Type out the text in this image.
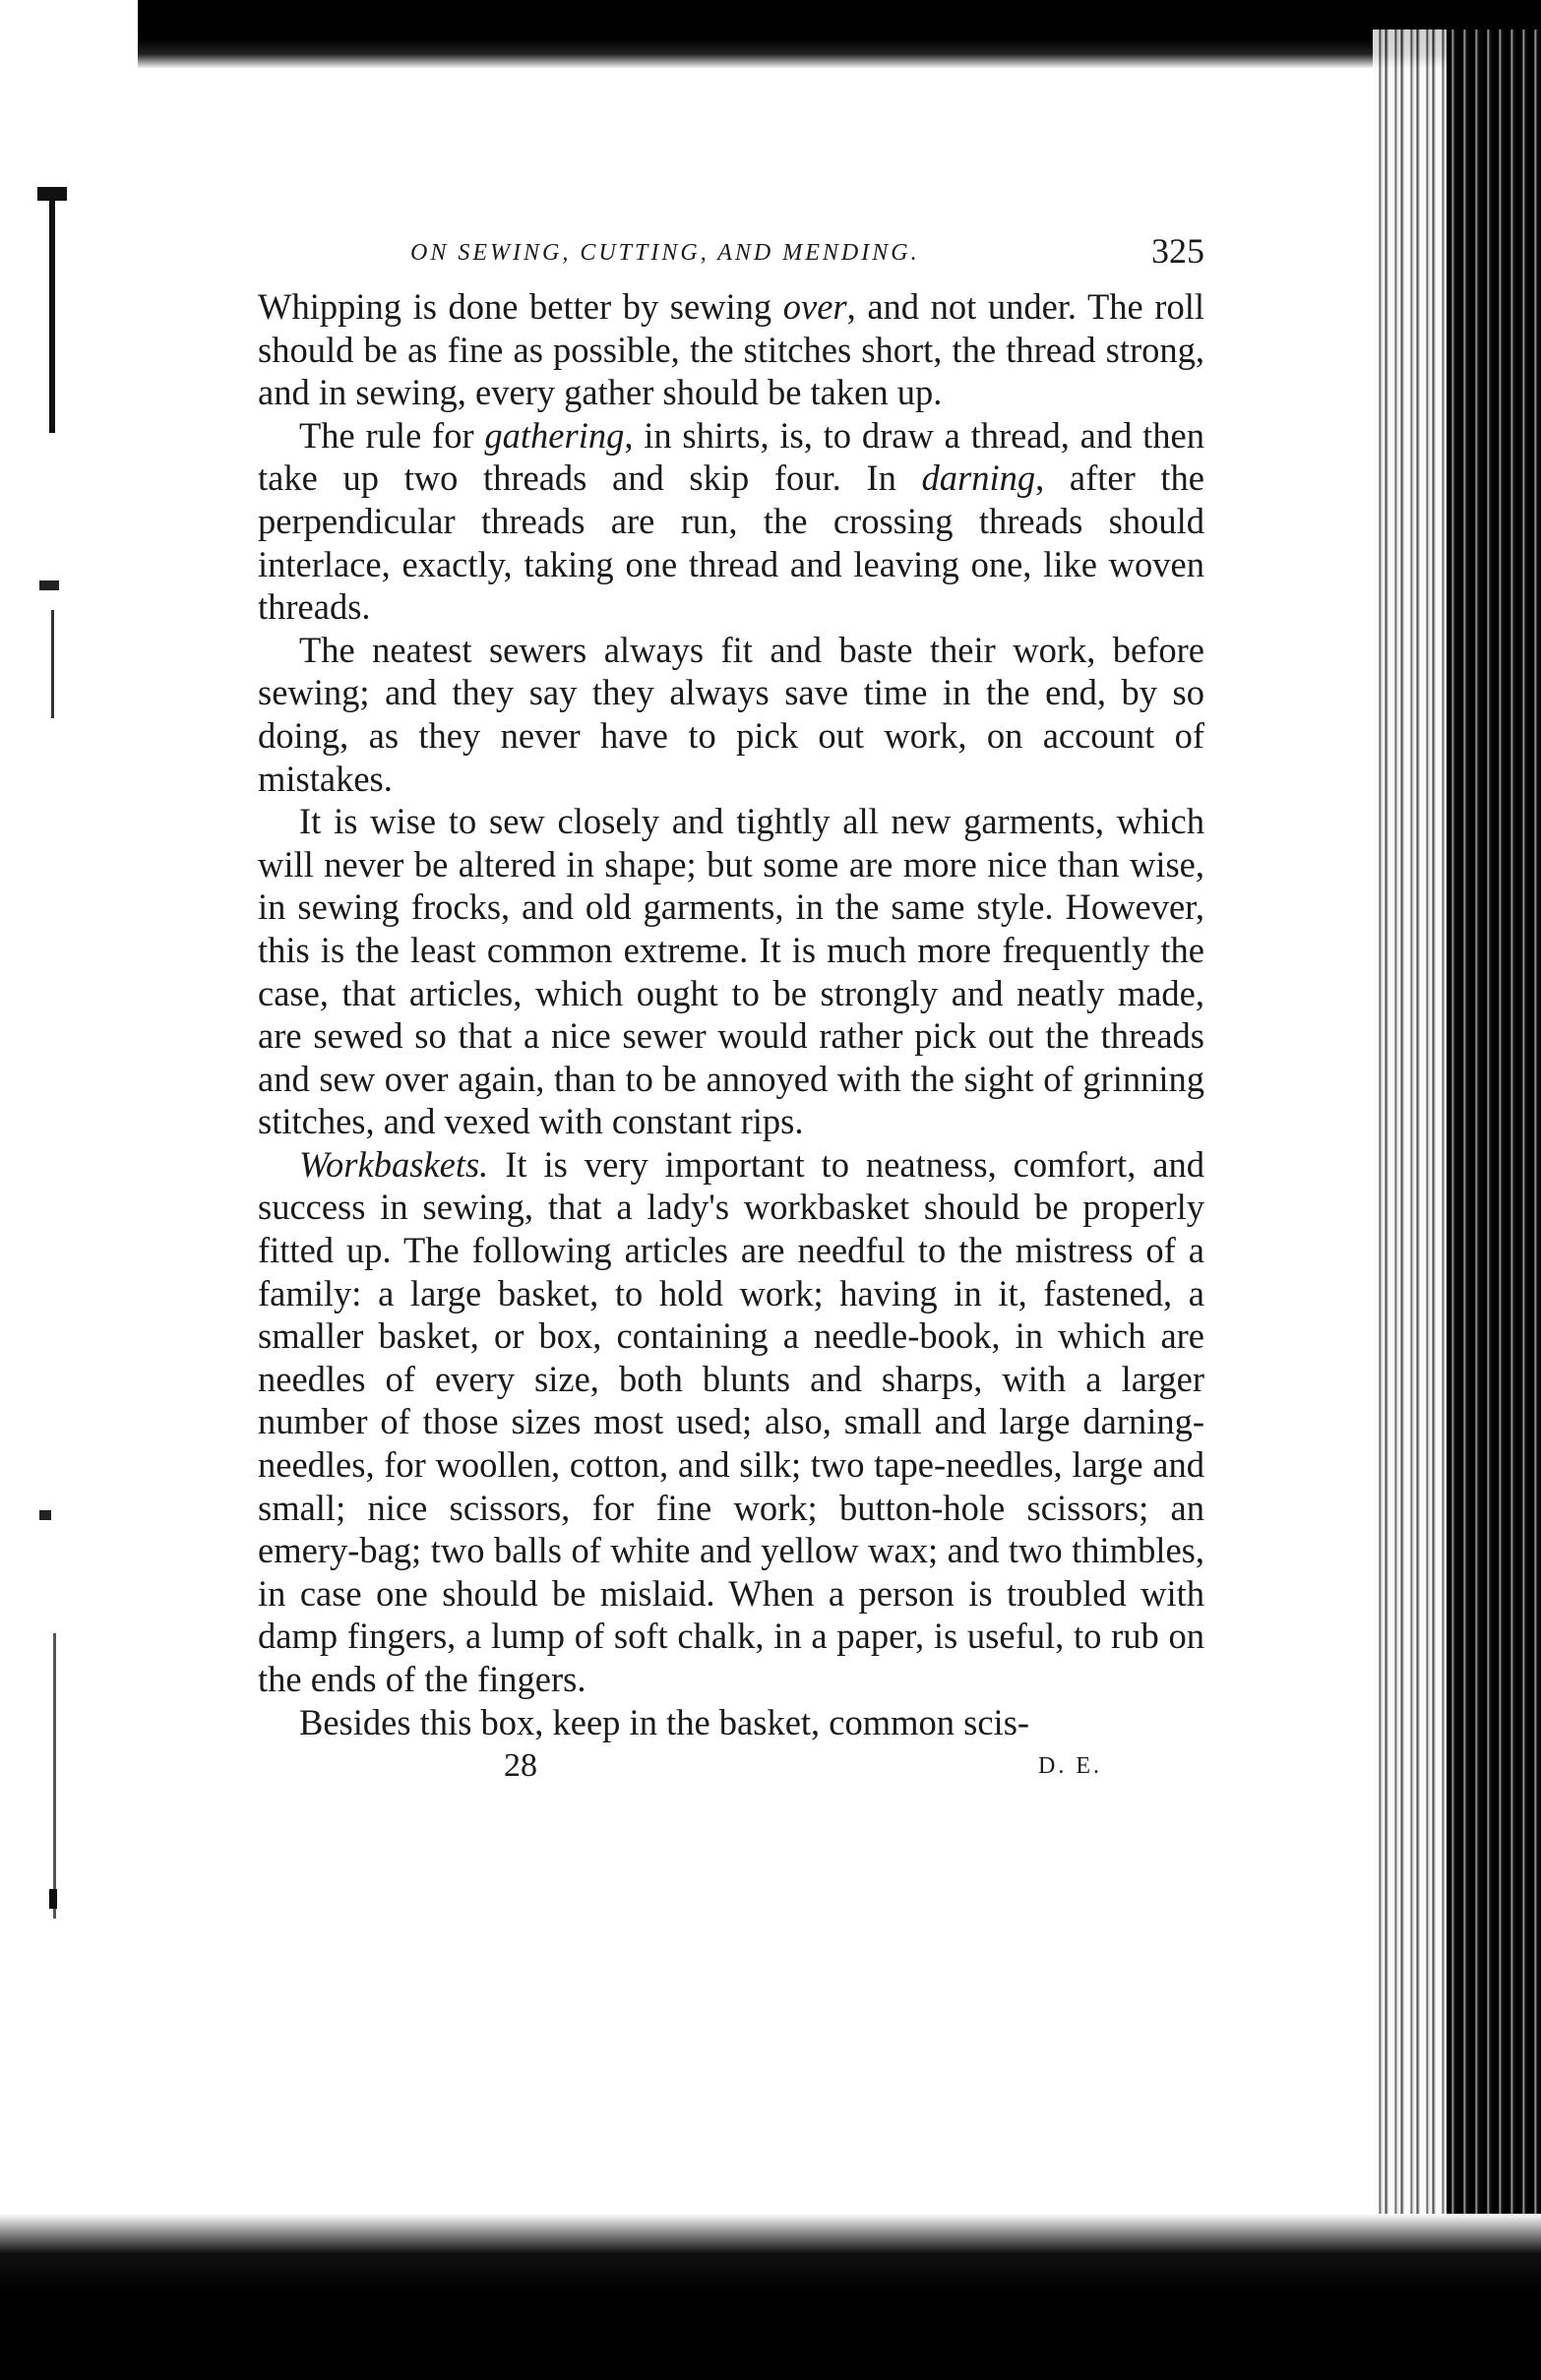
ON SEWING, CUTTING, AND MENDING.	325

Whipping is done better by sewing over, and not under. The roll should be as fine as possible, the stitches short, the thread strong, and in sewing, every gather should be taken up.

The rule for gathering, in shirts, is, to draw a thread, and then take up two threads and skip four. In darning, after the perpendicular threads are run, the crossing threads should interlace, exactly, taking one thread and leaving one, like woven threads.

The neatest sewers always fit and baste their work, before sewing; and they say they always save time in the end, by so doing, as they never have to pick out work, on account of mistakes.

It is wise to sew closely and tightly all new garments, which will never be altered in shape; but some are more nice than wise, in sewing frocks, and old garments, in the same style. However, this is the least common extreme. It is much more frequently the case, that articles, which ought to be strongly and neatly made, are sewed so that a nice sewer would rather pick out the threads and sew over again, than to be annoyed with the sight of grinning stitches, and vexed with constant rips.

Workbaskets. It is very important to neatness, comfort, and success in sewing, that a lady's workbasket should be properly fitted up. The following articles are needful to the mistress of a family: a large basket, to hold work; having in it, fastened, a smaller basket, or box, containing a needle-book, in which are needles of every size, both blunts and sharps, with a larger number of those sizes most used; also, small and large darning-needles, for woollen, cotton, and silk; two tape-needles, large and small; nice scissors, for fine work; button-hole scissors; an emery-bag; two balls of white and yellow wax; and two thimbles, in case one should be mislaid. When a person is troubled with damp fingers, a lump of soft chalk, in a paper, is useful, to rub on the ends of the fingers.

Besides this box, keep in the basket, common scis-

28	D. E.
